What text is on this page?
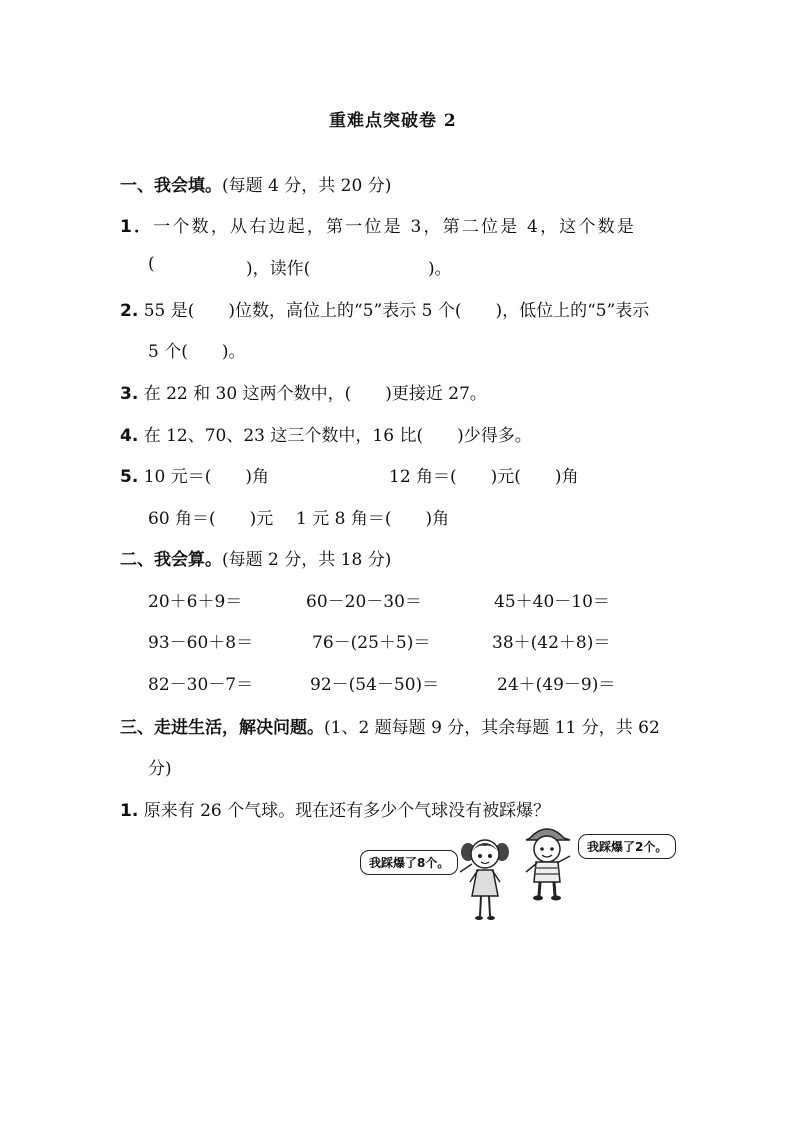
重难点突破卷 2
一、我会填。(每题 4 分，共 20 分)
1．一个数，从右边起，第一位是 3，第二位是 4，这个数是
(	)，读作(	)。
2. 55 是(　　)位数，高位上的“5”表示 5 个(　　)，低位上的“5”表示
5 个(　　)。
3. 在 22 和 30 这两个数中，(　　)更接近 27。
4. 在 12、70、23 这三个数中，16 比(　　)少得多。
5. 10 元＝(　　)角	12 角＝(　　)元(　　)角
60 角＝(　　)元 1 元 8 角＝(　　)角
二、我会算。(每题 2 分，共 18 分)
20＋6＋9＝	60－20－30＝	45＋40－10＝
93－60＋8＝	76－(25＋5)＝	38＋(42＋8)＝
82－30－7＝	92－(54－50)＝	24＋(49－9)＝
三、走进生活，解决问题。(1、2 题每题 9 分，其余每题 11 分，共 62
分)
1. 原来有 26 个气球。现在还有多少个气球没有被踩爆？
我踩爆了8个。
我踩爆了2个。
